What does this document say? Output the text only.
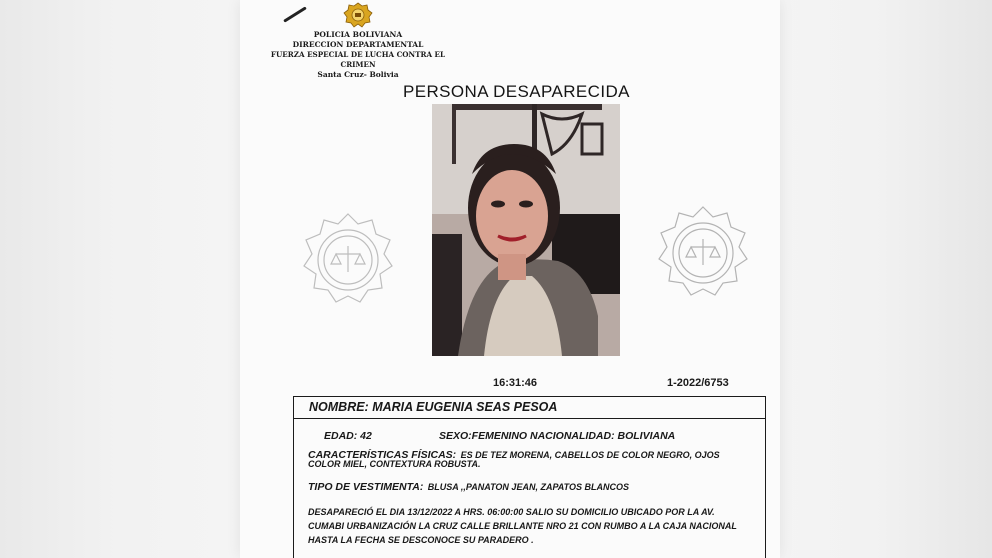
POLICIA BOLIVIANA
DIRECCION DEPARTAMENTAL
FUERZA ESPECIAL DE LUCHA CONTRA EL CRIMEN
Santa Cruz- Bolivia
PERSONA DESAPARECIDA
16:31:46	1-2022/6753
NOMBRE: MARIA EUGENIA SEAS PESOA
EDAD: 42	SEXO:FEMENINO NACIONALIDAD: BOLIVIANA
CARACTERÍSTICAS FÍSICAS: ES DE TEZ MORENA, CABELLOS DE COLOR NEGRO, OJOS
COLOR MIEL, CONTEXTURA ROBUSTA.
TIPO DE VESTIMENTA: BLUSA ,,PANATON JEAN, ZAPATOS BLANCOS
DESAPARECIÓ EL DIA 13/12/2022 A HRS. 06:00:00 SALIO SU DOMICILIO UBICADO POR LA AV.
CUMABI URBANIZACIÓN LA CRUZ CALLE BRILLANTE NRO 21 CON RUMBO A LA CAJA NACIONAL
HASTA LA FECHA SE DESCONOCE SU PARADERO .
